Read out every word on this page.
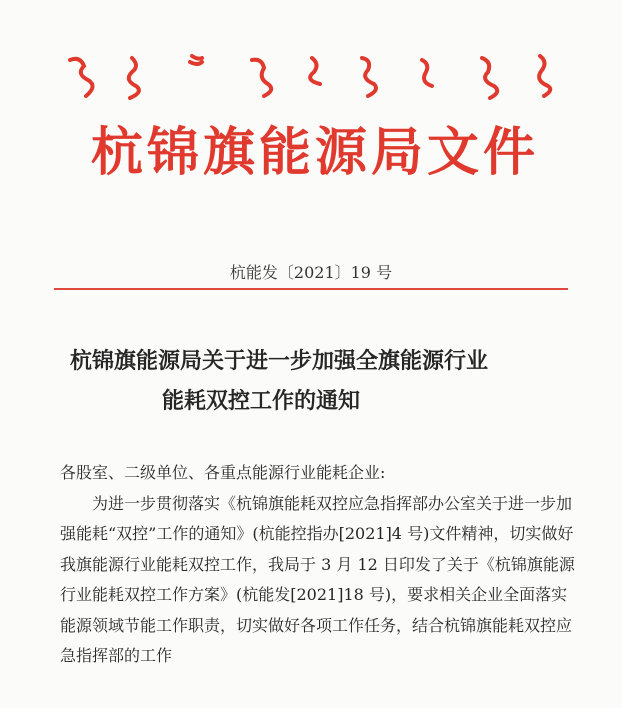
杭锦旗能源局文件
杭能发〔2021〕19 号
杭锦旗能源局关于进一步加强全旗能源行业
能耗双控工作的通知

各股室、二级单位、各重点能源行业能耗企业:

为进一步贯彻落实《杭锦旗能耗双控应急指挥部办公室关于进一步加强能耗“双控”工作的通知》(杭能控指办[2021]4 号)文件精神，切实做好我旗能源行业能耗双控工作，我局于 3 月 12 日印发了关于《杭锦旗能源行业能耗双控工作方案》(杭能发[2021]18 号)，要求相关企业全面落实能源领域节能工作职责，切实做好各项工作任务，结合杭锦旗能耗双控应急指挥部的工作
